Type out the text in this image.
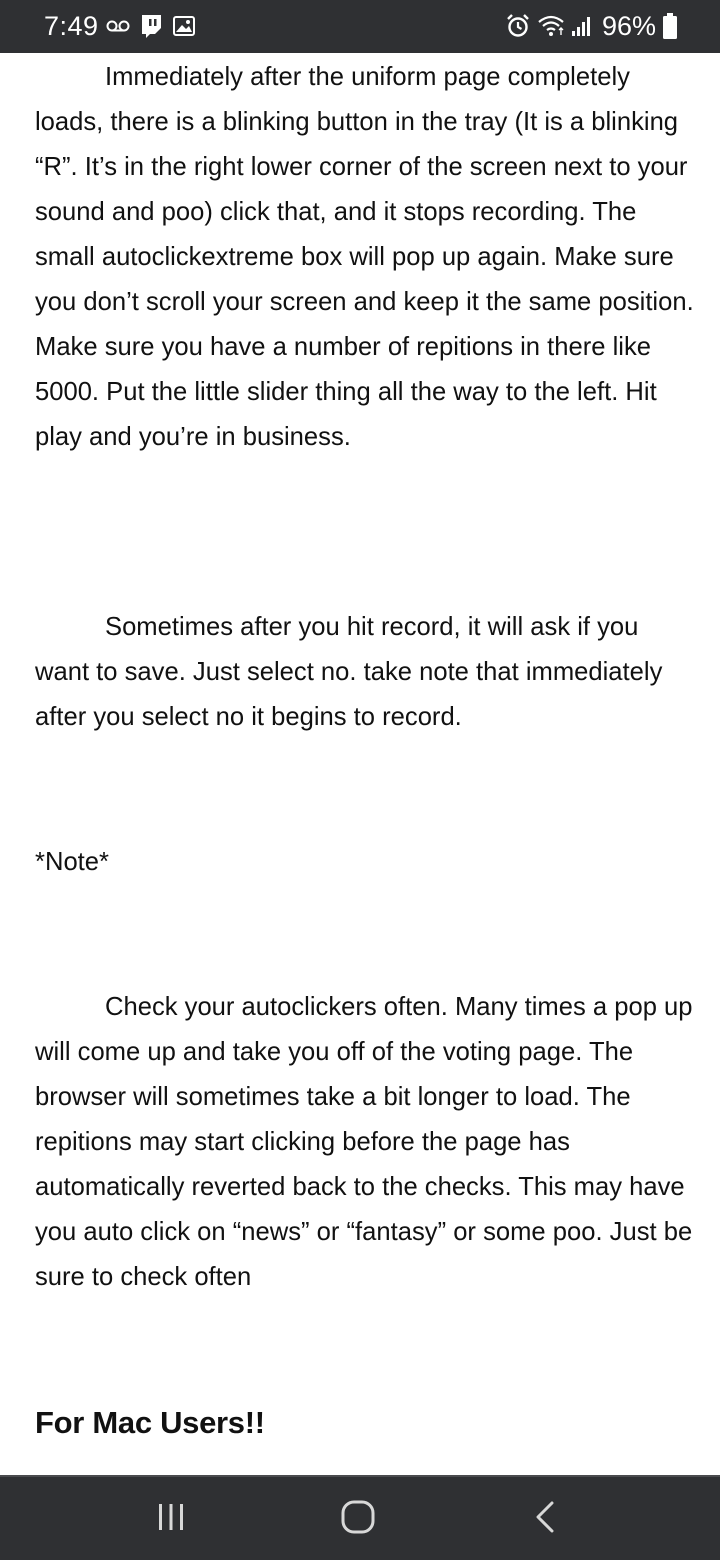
7:49	96%

Immediately after the uniform page completely loads, there is a blinking button in the tray (It is a blinking “R”. It’s in the right lower corner of the screen next to your sound and poo) click that, and it stops recording. The small autoclickextreme box will pop up again. Make sure you don’t scroll your screen and keep it the same position. Make sure you have a number of repitions in there like 5000. Put the little slider thing all the way to the left. Hit play and you’re in business.

Sometimes after you hit record, it will ask if you want to save. Just select no. take note that immediately after you select no it begins to record.

*Note*

Check your autoclickers often. Many times a pop up will come up and take you off of the voting page. The browser will sometimes take a bit longer to load. The repitions may start clicking before the page has automatically reverted back to the checks. This may have you auto click on “news” or “fantasy” or some poo. Just be sure to check often

For Mac Users!!
